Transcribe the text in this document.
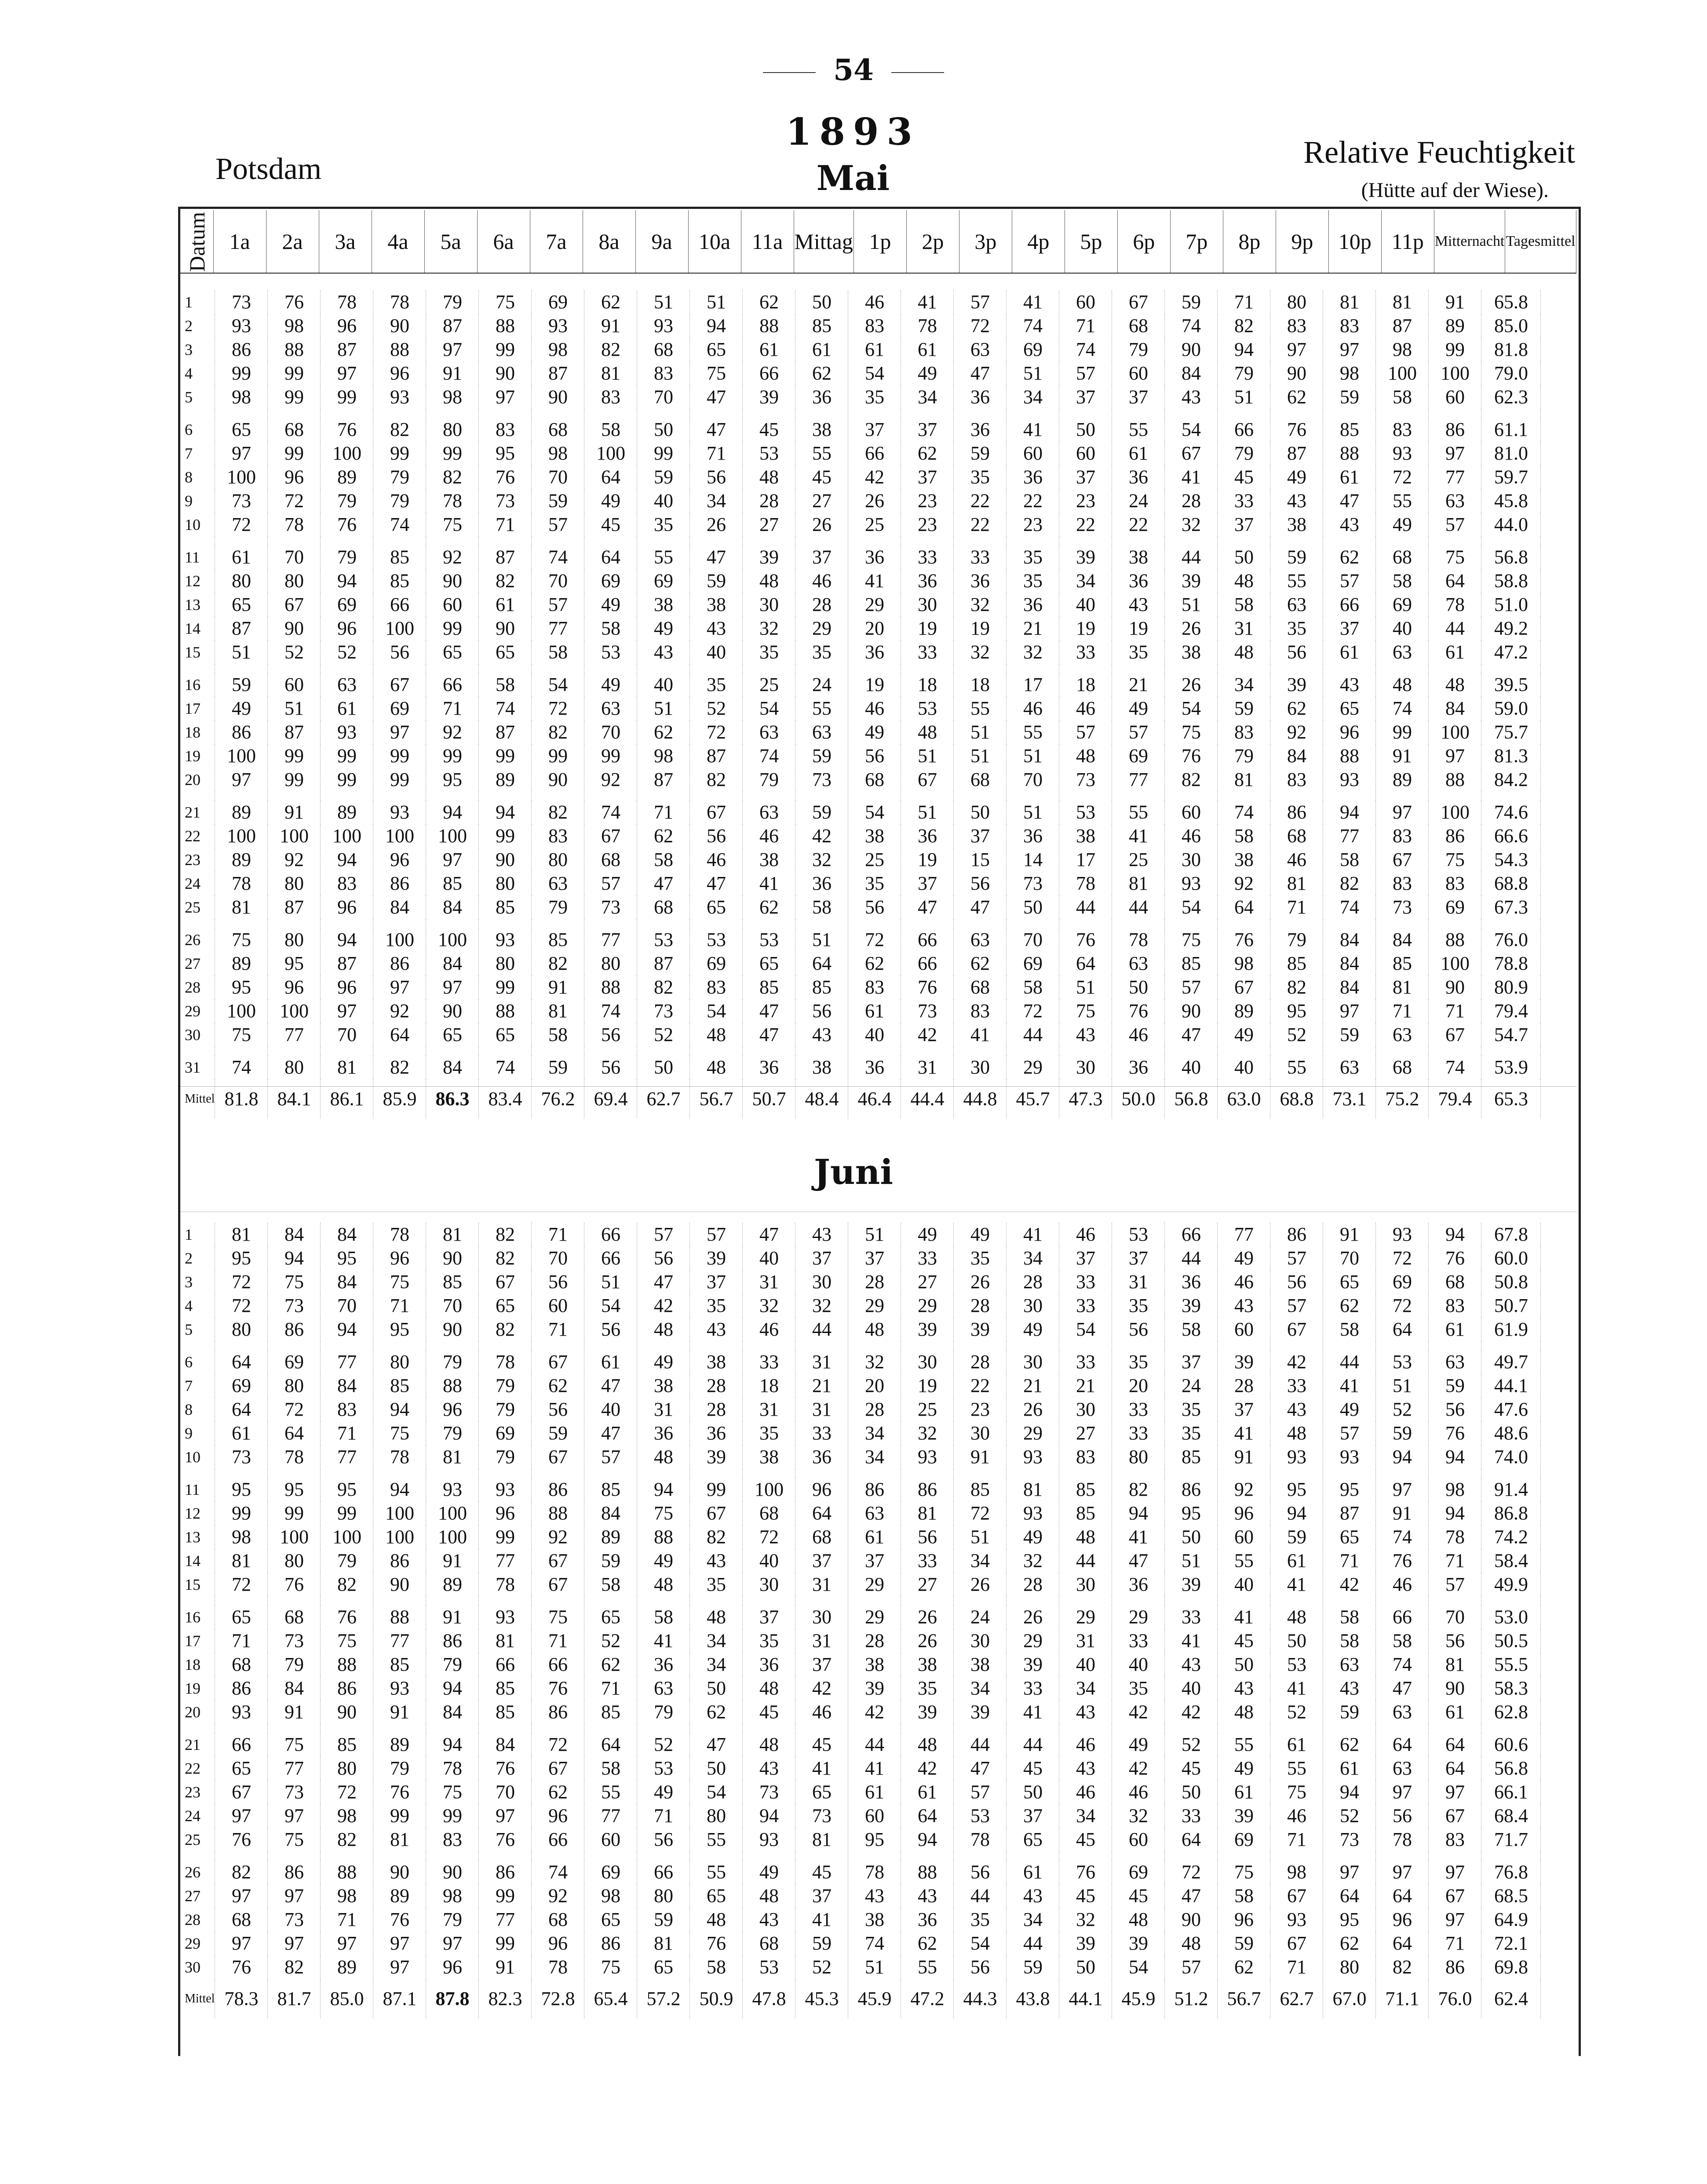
54
1893
Mai
Potsdam	Relative Feuchtigkeit
(Hütte auf der Wiese).
Datum	1a	2a	3a	4a	5a	6a	7a	8a	9a	10a	11a	Mittag	1p	2p	3p	4p	5p	6p	7p	8p	9p	10p	11p	Mitternacht	Tagesmittel
1	73	76	78	78	79	75	69	62	51	51	62	50	46	41	57	41	60	67	59	71	80	81	81	91	65.8
2	93	98	96	90	87	88	93	91	93	94	88	85	83	78	72	74	71	68	74	82	83	83	87	89	85.0
3	86	88	87	88	97	99	98	82	68	65	61	61	61	61	63	69	74	79	90	94	97	97	98	99	81.8
4	99	99	97	96	91	90	87	81	83	75	66	62	54	49	47	51	57	60	84	79	90	98	100	100	79.0
5	98	99	99	93	98	97	90	83	70	47	39	36	35	34	36	34	37	37	43	51	62	59	58	60	62.3

6	65	68	76	82	80	83	68	58	50	47	45	38	37	37	36	41	50	55	54	66	76	85	83	86	61.1
7	97	99	100	99	99	95	98	100	99	71	53	55	66	62	59	60	60	61	67	79	87	88	93	97	81.0
8	100	96	89	79	82	76	70	64	59	56	48	45	42	37	35	36	37	36	41	45	49	61	72	77	59.7
9	73	72	79	79	78	73	59	49	40	34	28	27	26	23	22	22	23	24	28	33	43	47	55	63	45.8
10	72	78	76	74	75	71	57	45	35	26	27	26	25	23	22	23	22	22	32	37	38	43	49	57	44.0

11	61	70	79	85	92	87	74	64	55	47	39	37	36	33	33	35	39	38	44	50	59	62	68	75	56.8
12	80	80	94	85	90	82	70	69	69	59	48	46	41	36	36	35	34	36	39	48	55	57	58	64	58.8
13	65	67	69	66	60	61	57	49	38	38	30	28	29	30	32	36	40	43	51	58	63	66	69	78	51.0
14	87	90	96	100	99	90	77	58	49	43	32	29	20	19	19	21	19	19	26	31	35	37	40	44	49.2
15	51	52	52	56	65	65	58	53	43	40	35	35	36	33	32	32	33	35	38	48	56	61	63	61	47.2

16	59	60	63	67	66	58	54	49	40	35	25	24	19	18	18	17	18	21	26	34	39	43	48	48	39.5
17	49	51	61	69	71	74	72	63	51	52	54	55	46	53	55	46	46	49	54	59	62	65	74	84	59.0
18	86	87	93	97	92	87	82	70	62	72	63	63	49	48	51	55	57	57	75	83	92	96	99	100	75.7
19	100	99	99	99	99	99	99	99	98	87	74	59	56	51	51	51	48	69	76	79	84	88	91	97	81.3
20	97	99	99	99	95	89	90	92	87	82	79	73	68	67	68	70	73	77	82	81	83	93	89	88	84.2

21	89	91	89	93	94	94	82	74	71	67	63	59	54	51	50	51	53	55	60	74	86	94	97	100	74.6
22	100	100	100	100	100	99	83	67	62	56	46	42	38	36	37	36	38	41	46	58	68	77	83	86	66.6
23	89	92	94	96	97	90	80	68	58	46	38	32	25	19	15	14	17	25	30	38	46	58	67	75	54.3
24	78	80	83	86	85	80	63	57	47	47	41	36	35	37	56	73	78	81	93	92	81	82	83	83	68.8
25	81	87	96	84	84	85	79	73	68	65	62	58	56	47	47	50	44	44	54	64	71	74	73	69	67.3

26	75	80	94	100	100	93	85	77	53	53	53	51	72	66	63	70	76	78	75	76	79	84	84	88	76.0
27	89	95	87	86	84	80	82	80	87	69	65	64	62	66	62	69	64	63	85	98	85	84	85	100	78.8
28	95	96	96	97	97	99	91	88	82	83	85	85	83	76	68	58	51	50	57	67	82	84	81	90	80.9
29	100	100	97	92	90	88	81	74	73	54	47	56	61	73	83	72	75	76	90	89	95	97	71	71	79.4
30	75	77	70	64	65	65	58	56	52	48	47	43	40	42	41	44	43	46	47	49	52	59	63	67	54.7

31	74	80	81	82	84	74	59	56	50	48	36	38	36	31	30	29	30	36	40	40	55	63	68	74	53.9
Mittel	81.8	84.1	86.1	85.9	86.3	83.4	76.2	69.4	62.7	56.7	50.7	48.4	46.4	44.4	44.8	45.7	47.3	50.0	56.8	63.0	68.8	73.1	75.2	79.4	65.3
Juni
1	81	84	84	78	81	82	71	66	57	57	47	43	51	49	49	41	46	53	66	77	86	91	93	94	67.8
2	95	94	95	96	90	82	70	66	56	39	40	37	37	33	35	34	37	37	44	49	57	70	72	76	60.0
3	72	75	84	75	85	67	56	51	47	37	31	30	28	27	26	28	33	31	36	46	56	65	69	68	50.8
4	72	73	70	71	70	65	60	54	42	35	32	32	29	29	28	30	33	35	39	43	57	62	72	83	50.7
5	80	86	94	95	90	82	71	56	48	43	46	44	48	39	39	49	54	56	58	60	67	58	64	61	61.9

6	64	69	77	80	79	78	67	61	49	38	33	31	32	30	28	30	33	35	37	39	42	44	53	63	49.7
7	69	80	84	85	88	79	62	47	38	28	18	21	20	19	22	21	21	20	24	28	33	41	51	59	44.1
8	64	72	83	94	96	79	56	40	31	28	31	31	28	25	23	26	30	33	35	37	43	49	52	56	47.6
9	61	64	71	75	79	69	59	47	36	36	35	33	34	32	30	29	27	33	35	41	48	57	59	76	48.6
10	73	78	77	78	81	79	67	57	48	39	38	36	34	93	91	93	83	80	85	91	93	93	94	94	74.0

11	95	95	95	94	93	93	86	85	94	99	100	96	86	86	85	81	85	82	86	92	95	95	97	98	91.4
12	99	99	99	100	100	96	88	84	75	67	68	64	63	81	72	93	85	94	95	96	94	87	91	94	86.8
13	98	100	100	100	100	99	92	89	88	82	72	68	61	56	51	49	48	41	50	60	59	65	74	78	74.2
14	81	80	79	86	91	77	67	59	49	43	40	37	37	33	34	32	44	47	51	55	61	71	76	71	58.4
15	72	76	82	90	89	78	67	58	48	35	30	31	29	27	26	28	30	36	39	40	41	42	46	57	49.9

16	65	68	76	88	91	93	75	65	58	48	37	30	29	26	24	26	29	29	33	41	48	58	66	70	53.0
17	71	73	75	77	86	81	71	52	41	34	35	31	28	26	30	29	31	33	41	45	50	58	58	56	50.5
18	68	79	88	85	79	66	66	62	36	34	36	37	38	38	38	39	40	40	43	50	53	63	74	81	55.5
19	86	84	86	93	94	85	76	71	63	50	48	42	39	35	34	33	34	35	40	43	41	43	47	90	58.3
20	93	91	90	91	84	85	86	85	79	62	45	46	42	39	39	41	43	42	42	48	52	59	63	61	62.8

21	66	75	85	89	94	84	72	64	52	47	48	45	44	48	44	44	46	49	52	55	61	62	64	64	60.6
22	65	77	80	79	78	76	67	58	53	50	43	41	41	42	47	45	43	42	45	49	55	61	63	64	56.8
23	67	73	72	76	75	70	62	55	49	54	73	65	61	61	57	50	46	46	50	61	75	94	97	97	66.1
24	97	97	98	99	99	97	96	77	71	80	94	73	60	64	53	37	34	32	33	39	46	52	56	67	68.4
25	76	75	82	81	83	76	66	60	56	55	93	81	95	94	78	65	45	60	64	69	71	73	78	83	71.7

26	82	86	88	90	90	86	74	69	66	55	49	45	78	88	56	61	76	69	72	75	98	97	97	97	76.8
27	97	97	98	89	98	99	92	98	80	65	48	37	43	43	44	43	45	45	47	58	67	64	64	67	68.5
28	68	73	71	76	79	77	68	65	59	48	43	41	38	36	35	34	32	48	90	96	93	95	96	97	64.9
29	97	97	97	97	97	99	96	86	81	76	68	59	74	62	54	44	39	39	48	59	67	62	64	71	72.1
30	76	82	89	97	96	91	78	75	65	58	53	52	51	55	56	59	50	54	57	62	71	80	82	86	69.8
Mittel	78.3	81.7	85.0	87.1	87.8	82.3	72.8	65.4	57.2	50.9	47.8	45.3	45.9	47.2	44.3	43.8	44.1	45.9	51.2	56.7	62.7	67.0	71.1	76.0	62.4
